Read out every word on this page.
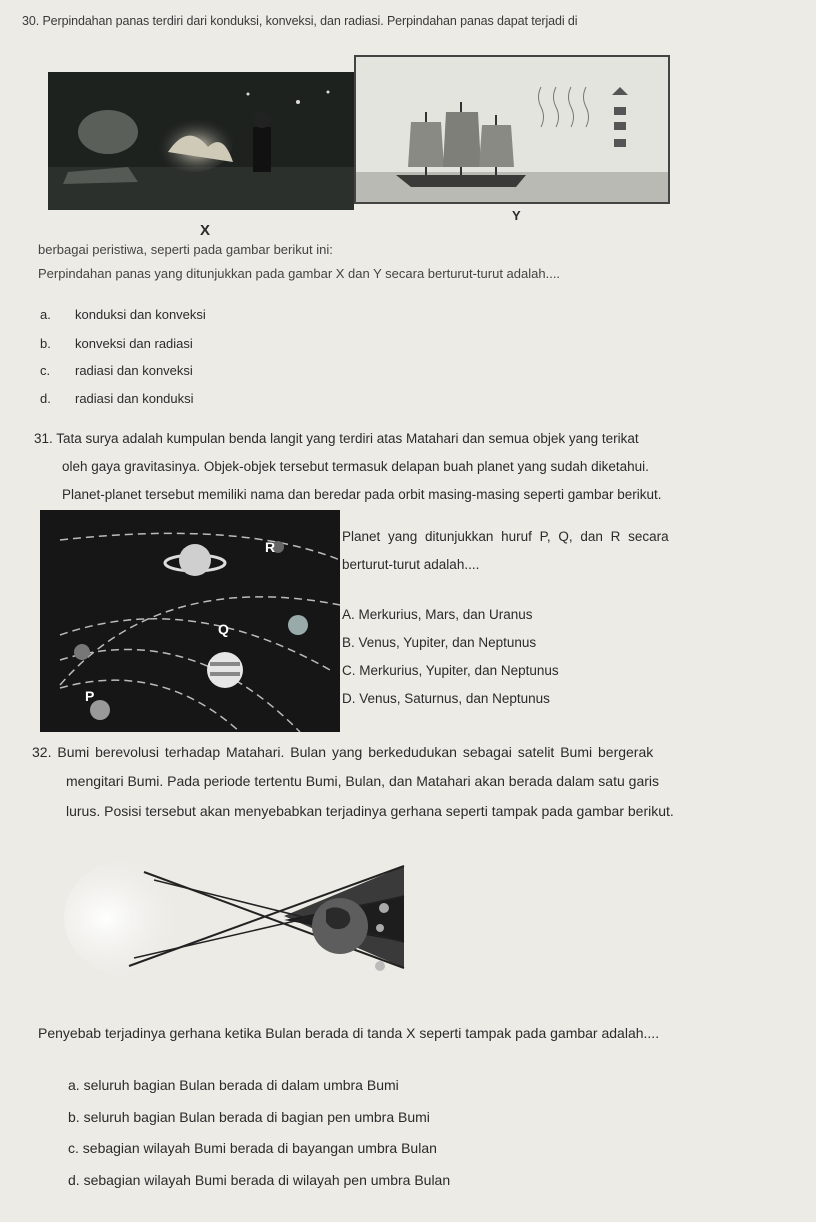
30. Perpindahan panas terdiri dari konduksi, konveksi, dan radiasi. Perpindahan panas dapat terjadi di
X
Y
berbagai peristiwa, seperti pada gambar berikut ini:
Perpindahan panas yang ditunjukkan pada gambar X dan Y secara berturut-turut adalah....
a. konduksi dan konveksi
b. konveksi dan radiasi
c. radiasi dan konveksi
d. radiasi dan konduksi
31. Tata surya adalah kumpulan benda langit yang terdiri atas Matahari dan semua objek yang terikat
oleh gaya gravitasinya. Objek-objek tersebut termasuk delapan buah planet yang sudah diketahui.
Planet-planet tersebut memiliki nama dan beredar pada orbit masing-masing seperti gambar berikut.
R
Q
P
Planet yang ditunjukkan huruf P, Q, dan R secara
berturut-turut adalah....
A. Merkurius, Mars, dan Uranus
B. Venus, Yupiter, dan Neptunus
C. Merkurius, Yupiter, dan Neptunus
D. Venus, Saturnus, dan Neptunus
32. Bumi berevolusi terhadap Matahari. Bulan yang berkedudukan sebagai satelit Bumi bergerak
mengitari Bumi. Pada periode tertentu Bumi, Bulan, dan Matahari akan berada dalam satu garis
lurus. Posisi tersebut akan menyebabkan terjadinya gerhana seperti tampak pada gambar berikut.
Penyebab terjadinya gerhana ketika Bulan berada di tanda X seperti tampak pada gambar adalah....
a. seluruh bagian Bulan berada di dalam umbra Bumi
b. seluruh bagian Bulan berada di bagian pen umbra Bumi
c. sebagian wilayah Bumi berada di bayangan umbra Bulan
d. sebagian wilayah Bumi berada di wilayah pen umbra Bulan
